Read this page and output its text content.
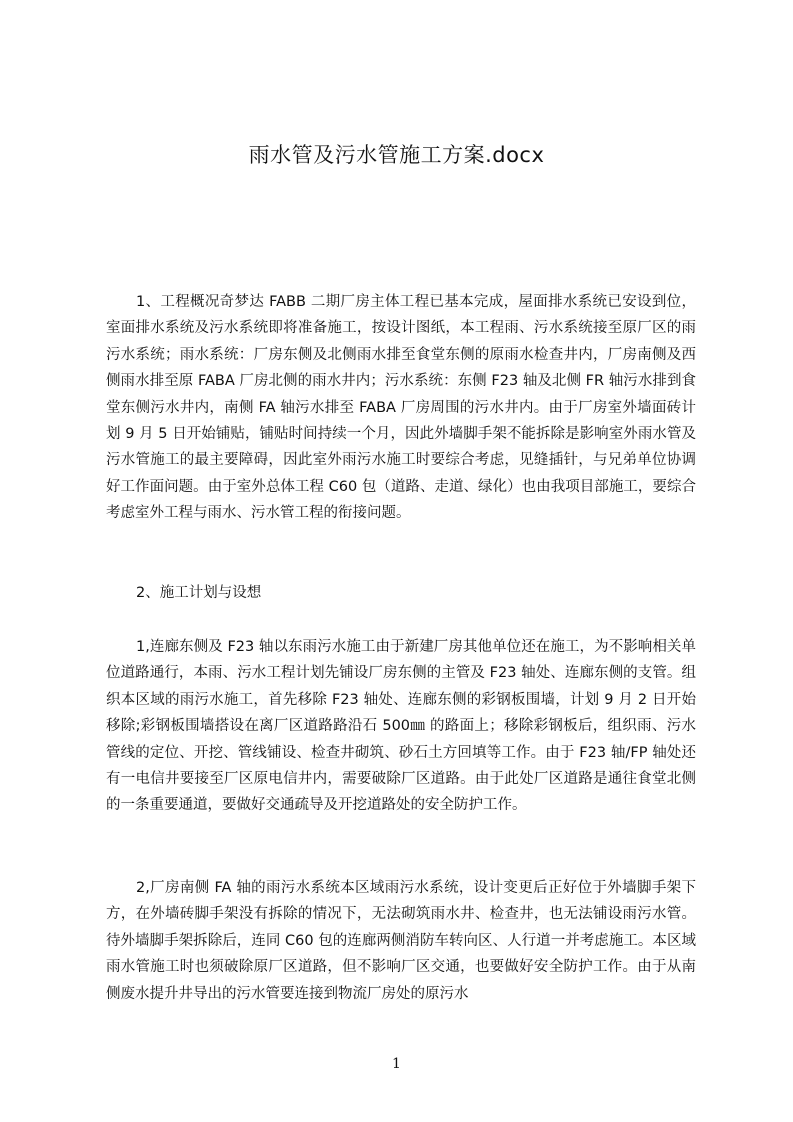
雨水管及污水管施工方案.docx

1、工程概况奇梦达 FABB 二期厂房主体工程已基本完成，屋面排水系统已安设到位，室面排水系统及污水系统即将准备施工，按设计图纸，本工程雨、污水系统接至原厂区的雨污水系统；雨水系统：厂房东侧及北侧雨水排至食堂东侧的原雨水检查井内，厂房南侧及西侧雨水排至原 FABA 厂房北侧的雨水井内；污水系统：东侧 F23 轴及北侧 FR 轴污水排到食堂东侧污水井内，南侧 FA 轴污水排至 FABA 厂房周围的污水井内。由于厂房室外墙面砖计划 9 月 5 日开始铺贴，铺贴时间持续一个月，因此外墙脚手架不能拆除是影响室外雨水管及污水管施工的最主要障碍，因此室外雨污水施工时要综合考虑，见缝插针，与兄弟单位协调好工作面问题。由于室外总体工程 C60 包（道路、走道、绿化）也由我项目部施工，要综合考虑室外工程与雨水、污水管工程的衔接问题。

2、施工计划与设想

1,连廊东侧及 F23 轴以东雨污水施工由于新建厂房其他单位还在施工，为不影响相关单位道路通行，本雨、污水工程计划先铺设厂房东侧的主管及 F23 轴处、连廊东侧的支管。组织本区域的雨污水施工，首先移除 F23 轴处、连廊东侧的彩钢板围墙，计划 9 月 2 日开始移除;彩钢板围墙搭设在离厂区道路路沿石 500㎜ 的路面上；移除彩钢板后，组织雨、污水管线的定位、开挖、管线铺设、检查井砌筑、砂石土方回填等工作。由于 F23 轴/FP 轴处还有一电信井要接至厂区原电信井内，需要破除厂区道路。由于此处厂区道路是通往食堂北侧的一条重要通道，要做好交通疏导及开挖道路处的安全防护工作。

2,厂房南侧 FA 轴的雨污水系统本区域雨污水系统，设计变更后正好位于外墙脚手架下方，在外墙砖脚手架没有拆除的情况下，无法砌筑雨水井、检查井，也无法铺设雨污水管。待外墙脚手架拆除后，连同 C60 包的连廊两侧消防车转向区、人行道一并考虑施工。本区域雨水管施工时也须破除原厂区道路，但不影响厂区交通，也要做好安全防护工作。由于从南侧废水提升井导出的污水管要连接到物流厂房处的原污水

1
